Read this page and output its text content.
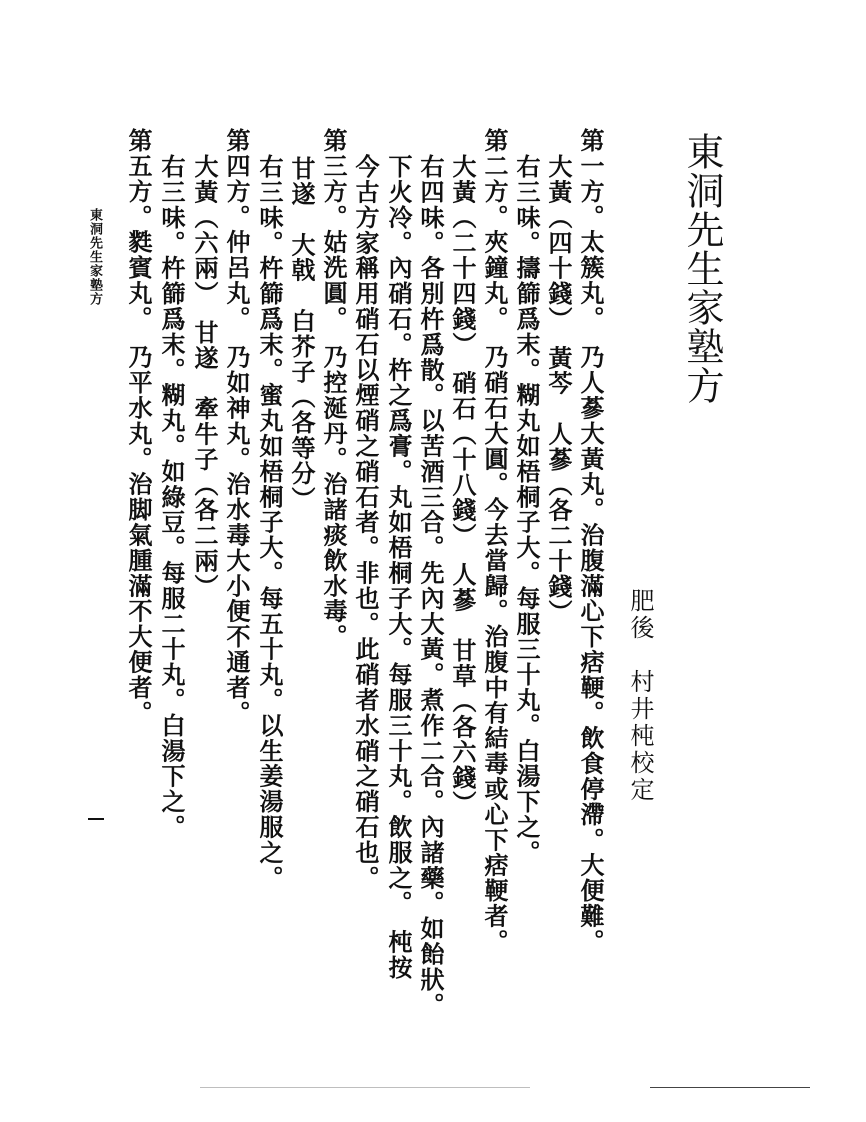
東洞先生家塾方
肥後　村井杶校定
第一方。太簇丸。　乃人蔘大黃丸。治腹滿心下痞鞕。飲食停滯。大便難。
大黃（四十錢）　黃芩　人蔘（各二十錢）
右三味。擣篩爲末。糊丸如梧桐子大。每服三十丸。白湯下之。
第二方。夾鐘丸。　乃硝石大圓。今去當歸。治腹中有結毒或心下痞鞕者。
大黃（二十四錢）　硝石（十八錢）　人蔘　甘草（各六錢）
右四味。各別杵爲散。以苦酒三合。先內大黃。煮作二合。內諸藥。如飴狀。
下火冷。內硝石。杵之爲膏。丸如梧桐子大。每服三十丸。飲服之。　杶按
今古方家稱用硝石以煙硝之硝石者。非也。此硝者水硝之硝石也。
第三方。姑洗圓。　乃控涎丹。治諸痰飲水毒。
甘遂　大戟　白芥子（各等分）
右三味。杵篩爲末。蜜丸如梧桐子大。每五十丸。以生姜湯服之。
第四方。仲呂丸。　乃如神丸。治水毒大小便不通者。
大黃（六兩）　甘遂　牽牛子（各二兩）
右三味。杵篩爲末。糊丸。如綠豆。每服二十丸。白湯下之。
第五方。㽔賓丸。　乃平水丸。治脚氣腫滿不大便者。
東洞先生家塾方
